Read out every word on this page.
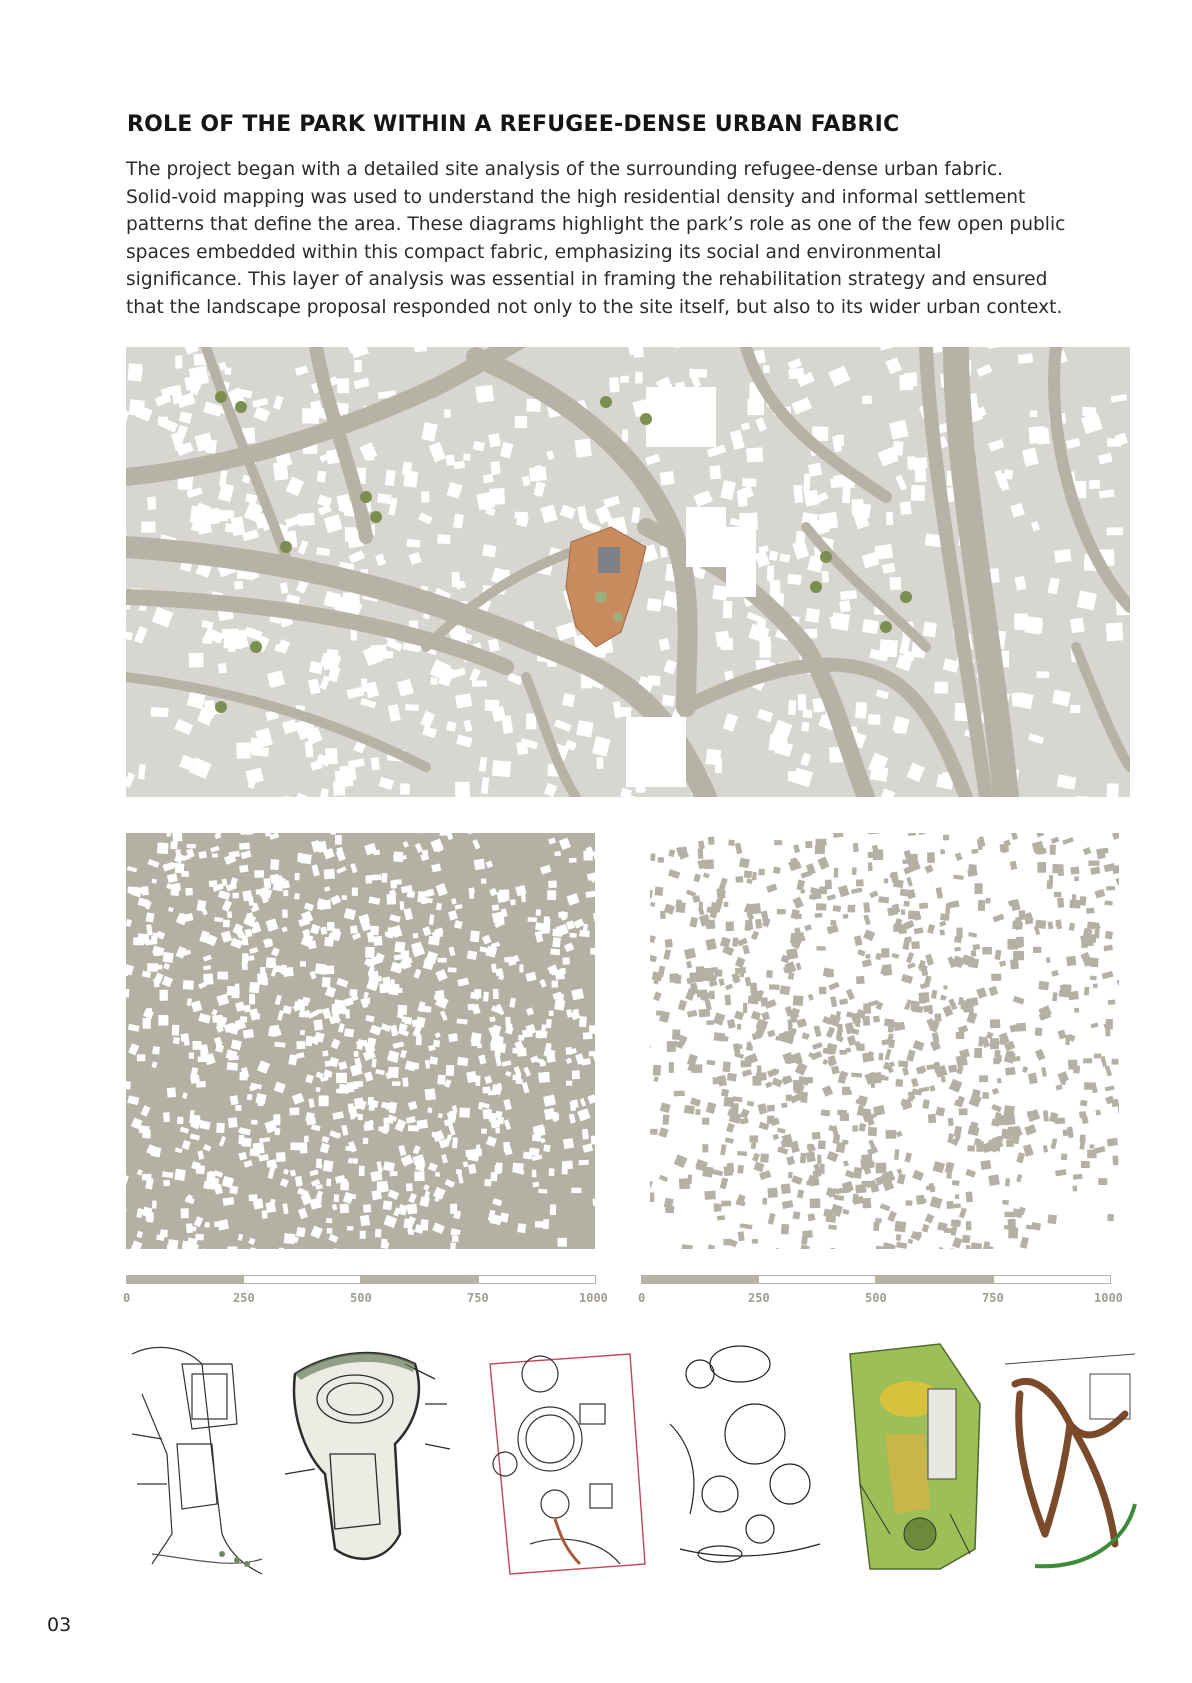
ROLE OF THE PARK WITHIN A REFUGEE-DENSE URBAN FABRIC
The project began with a detailed site analysis of the surrounding refugee-dense urban fabric.
Solid-void mapping was used to understand the high residential density and informal settlement
patterns that define the area. These diagrams highlight the park’s role as one of the few open public
spaces embedded within this compact fabric, emphasizing its social and environmental
significance. This layer of analysis was essential in framing the rehabilitation strategy and ensured
that the landscape proposal responded not only to the site itself, but also to its wider urban context.
0	250	500	750	1000	0	250	500	750	1000
03
